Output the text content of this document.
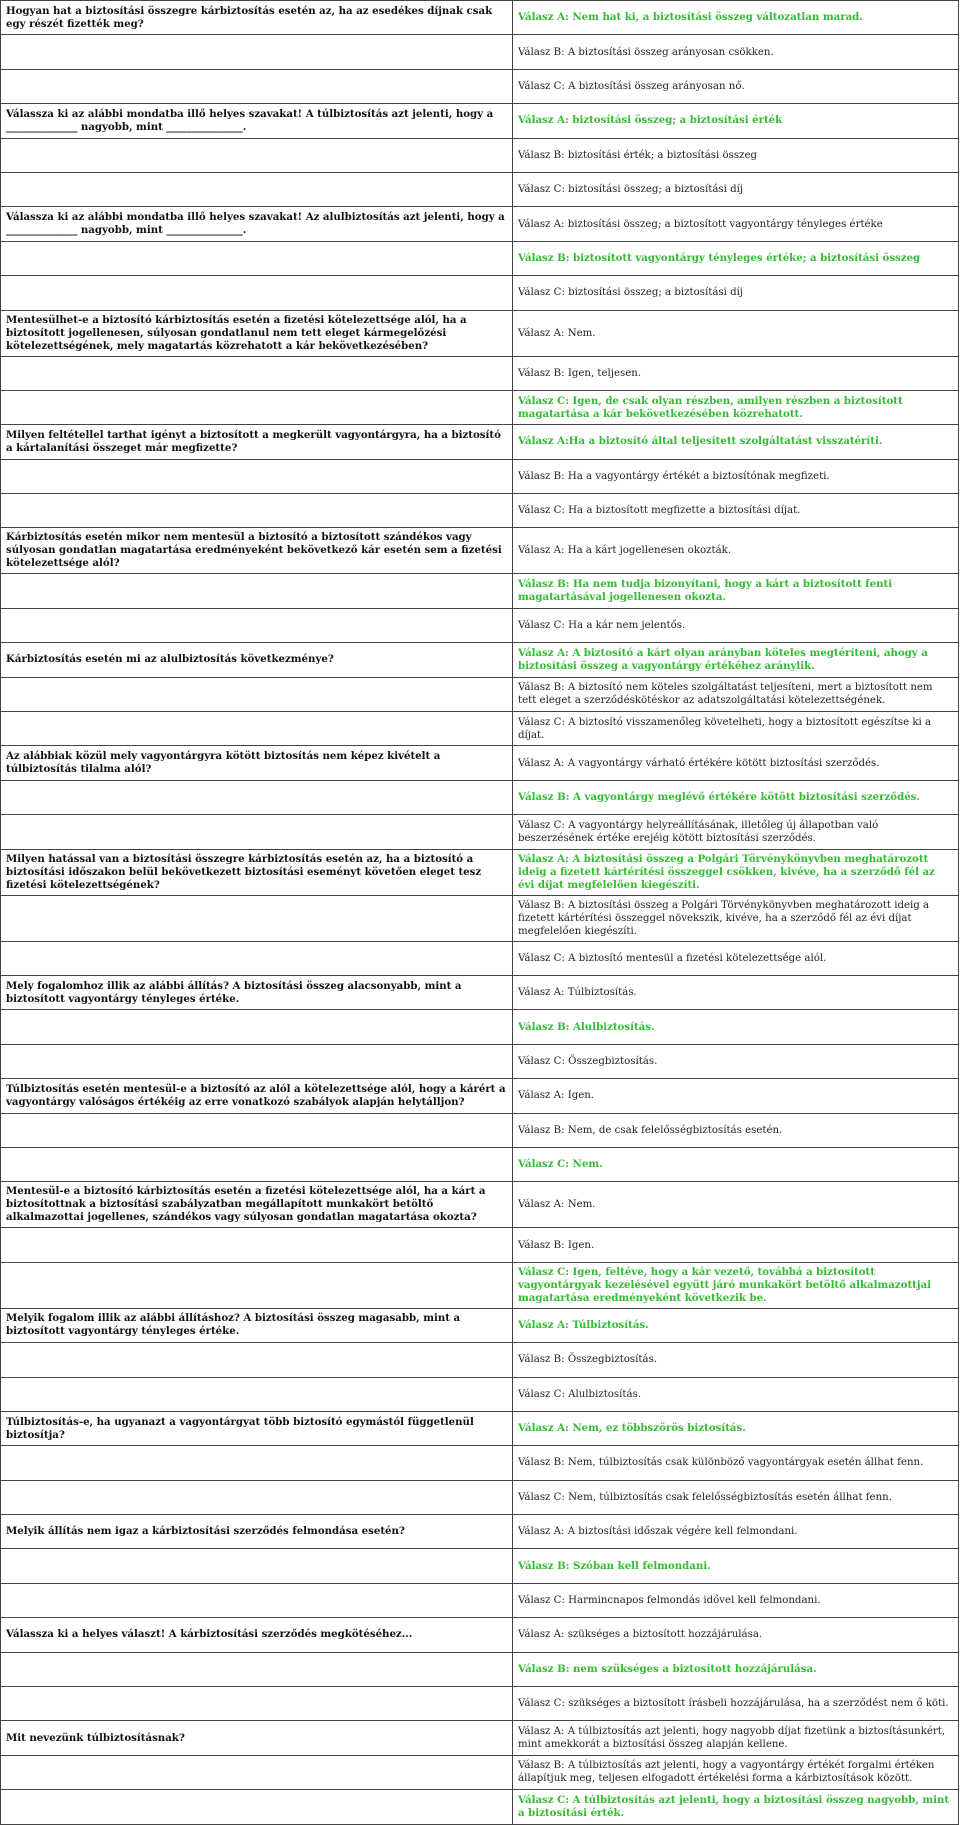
Hogyan hat a biztosítási összegre kárbiztosítás esetén az, ha az esedékes díjnak csak egy részét fizették meg?	Válasz A: Nem hat ki, a biztosítási összeg változatlan marad.
	Válasz B: A biztosítási összeg arányosan csökken.
	Válasz C: A biztosítási összeg arányosan nő.
Válassza ki az alábbi mondatba illő helyes szavakat! A túlbiztosítás azt jelenti, hogy a ______________ nagyobb, mint _______________.	Válasz A: biztosítási összeg; a biztosítási érték
	Válasz B: biztosítási érték; a biztosítási összeg
	Válasz C: biztosítási összeg; a biztosítási díj
Válassza ki az alábbi mondatba illő helyes szavakat! Az alulbiztosítás azt jelenti, hogy a ______________ nagyobb, mint _______________.	Válasz A: biztosítási összeg; a biztosított vagyontárgy tényleges értéke
	Válasz B: biztosított vagyontárgy tényleges értéke; a biztosítási összeg
	Válasz C: biztosítási összeg; a biztosítási díj
Mentesülhet-e a biztosító kárbiztosítás esetén a fizetési kötelezettsége alól, ha a biztosított jogellenesen, súlyosan gondatlanul nem tett eleget kármegelőzési kötelezettségének, mely magatartás közrehatott a kár bekövetkezésében?	Válasz A: Nem.
	Válasz B: Igen, teljesen.
	Válasz C: Igen, de csak olyan részben, amilyen részben a biztosított magatartása a kár bekövetkezésében közrehatott.
Milyen feltétellel tarthat igényt a biztosított a megkerült vagyontárgyra, ha a biztosító a kártalanítási összeget már megfizette?	Válasz A:Ha a biztosító által teljesített szolgáltatást visszatéríti.
	Válasz B: Ha a vagyontárgy értékét a biztosítónak megfizeti.
	Válasz C: Ha a biztosított megfizette a biztosítási díjat.
Kárbiztosítás esetén mikor nem mentesül a biztosító a biztosított szándékos vagy súlyosan gondatlan magatartása eredményeként bekövetkező kár esetén sem a fizetési kötelezettsége alól?	Válasz A: Ha a kárt jogellenesen okozták.
	Válasz B: Ha nem tudja bizonyítani, hogy a kárt a biztosított fenti magatartásával jogellenesen okozta.
	Válasz C: Ha a kár nem jelentős.
Kárbiztosítás esetén mi az alulbiztosítás következménye?	Válasz A: A biztosító a kárt olyan arányban köteles megtéríteni, ahogy a biztosítási összeg a vagyontárgy értékéhez aránylik.
	Válasz B: A biztosító nem köteles szolgáltatást teljesíteni, mert a biztosított nem tett eleget a szerződéskötéskor az adatszolgáltatási kötelezettségének.
	Válasz C: A biztosító visszamenőleg követelheti, hogy a biztosított egészítse ki a díjat.
Az alábbiak közül mely vagyontárgyra kötött biztosítás nem képez kivételt a túlbiztosítás tilalma alól?	Válasz A: A vagyontárgy várható értékére kötött biztosítási szerződés.
	Válasz B: A vagyontárgy meglévő értékére kötött biztosítási szerződés.
	Válasz C: A vagyontárgy helyreállításának, illetőleg új állapotban való beszerzésének értéke erejéig kötött biztosítási szerződés.
Milyen hatással van a biztosítási összegre kárbiztosítás esetén az, ha a biztosító a biztosítási időszakon belül bekövetkezett biztosítási eseményt követően eleget tesz fizetési kötelezettségének?	Válasz A: A biztosítási összeg a Polgári Törvénykönyvben meghatározott ideig a fizetett kártérítési összeggel csökken, kivéve, ha a szerződő fél az évi díjat megfelelően kiegészíti.
	Válasz B: A biztosítási összeg a Polgári Törvénykönyvben meghatározott ideig a fizetett kártérítési összeggel növekszik, kivéve, ha a szerződő fél az évi díjat megfelelően kiegészíti.
	Válasz C: A biztosító mentesül a fizetési kötelezettsége alól.
Mely fogalomhoz illik az alábbi állítás? A biztosítási összeg alacsonyabb, mint a biztosított vagyontárgy tényleges értéke.	Válasz A: Túlbiztosítás.
	Válasz B: Alulbiztosítás.
	Válasz C: Összegbiztosítás.
Túlbiztosítás esetén mentesül-e a biztosító az alól a kötelezettsége alól, hogy a kárért a vagyontárgy valóságos értékéig az erre vonatkozó szabályok alapján helytálljon?	Válasz A: Igen.
	Válasz B: Nem, de csak felelősségbiztosítás esetén.
	Válasz C: Nem.
Mentesül-e a biztosító kárbiztosítás esetén a fizetési kötelezettsége alól, ha a kárt a biztosítottnak a biztosítási szabályzatban megállapított munkakört betöltő alkalmazottai jogellenes, szándékos vagy súlyosan gondatlan magatartása okozta?	Válasz A: Nem.
	Válasz B: Igen.
	Válasz C: Igen, feltéve, hogy a kár vezető, továbbá a biztosított vagyontárgyak kezelésével együtt járó munkakört betöltő alkalmazottjai magatartása eredményeként következik be.
Melyik fogalom illik az alábbi állításhoz? A biztosítási összeg magasabb, mint a biztosított vagyontárgy tényleges értéke.	Válasz A: Túlbiztosítás.
	Válasz B: Összegbiztosítás.
	Válasz C: Alulbiztosítás.
Túlbiztosítás-e, ha ugyanazt a vagyontárgyat több biztosító egymástól függetlenül biztosítja?	Válasz A: Nem, ez többszörös biztosítás.
	Válasz B: Nem, túlbiztosítás csak különböző vagyontárgyak esetén állhat fenn.
	Válasz C: Nem, túlbiztosítás csak felelősségbiztosítás esetén állhat fenn.
Melyik állítás nem igaz a kárbiztosítási szerződés felmondása esetén?	Válasz A: A biztosítási időszak végére kell felmondani.
	Válasz B: Szóban kell felmondani.
	Válasz C: Harmincnapos felmondás idővel kell felmondani.
Válassza ki a helyes választ! A kárbiztosítási szerződés megkötéséhez...	Válasz A: szükséges a biztosított hozzájárulása.
	Válasz B: nem szükséges a biztosított hozzájárulása.
	Válasz C: szükséges a biztosított írásbeli hozzájárulása, ha a szerződést nem ő köti.
Mit nevezünk túlbiztosításnak?	Válasz A: A túlbiztosítás azt jelenti, hogy nagyobb díjat fizetünk a biztosításunkért, mint amekkorát a biztosítási összeg alapján kellene.
	Válasz B: A túlbiztosítás azt jelenti, hogy a vagyontárgy értékét forgalmi értéken állapítjuk meg, teljesen elfogadott értékelési forma a kárbiztosítások között.
	Válasz C: A túlbiztosítás azt jelenti, hogy a biztosítási összeg nagyobb, mint a biztosítási érték.
